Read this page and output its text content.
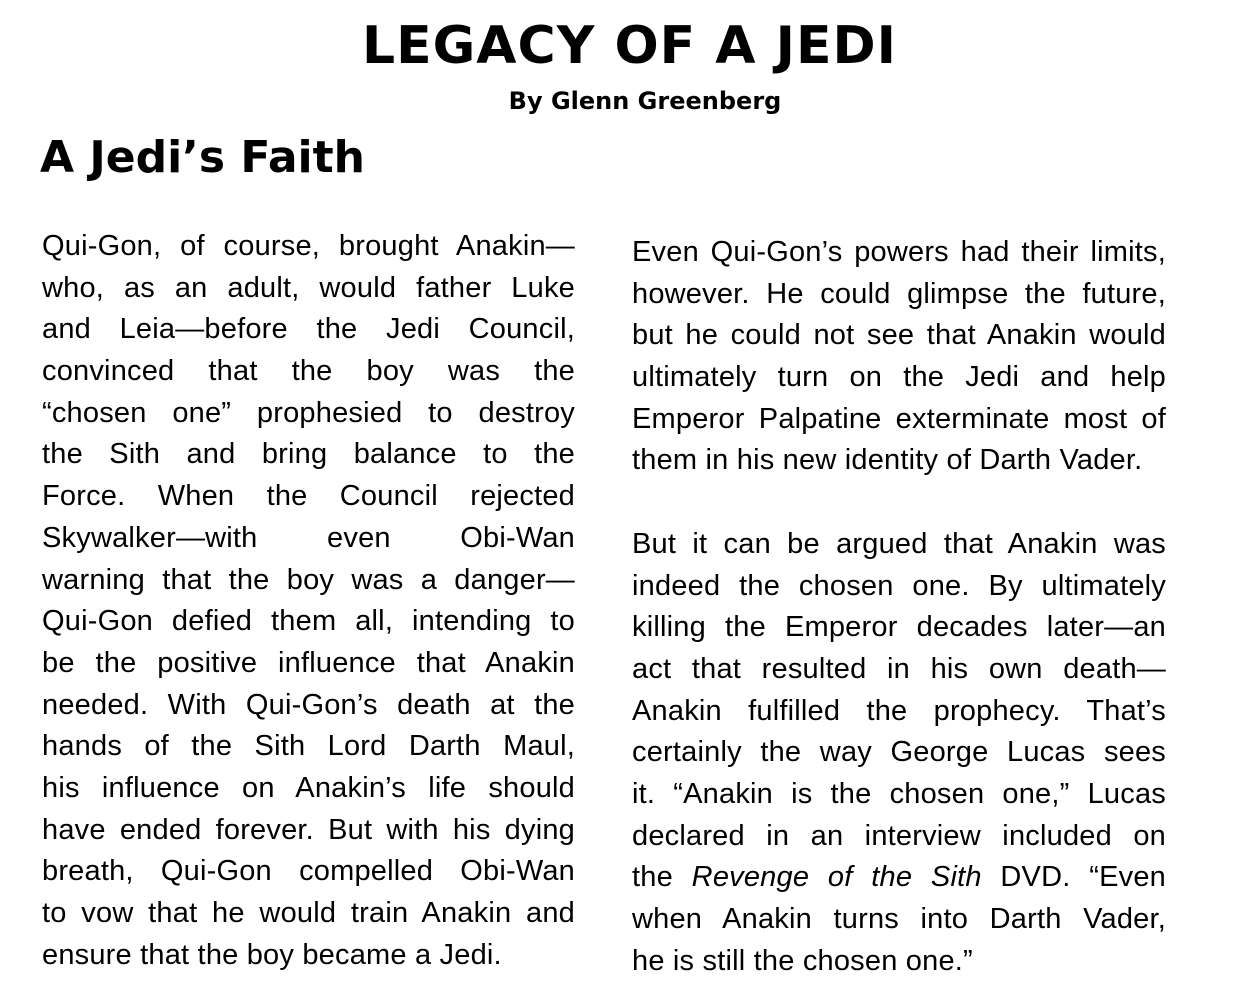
LEGACY OF A JEDI
By Glenn Greenberg
A Jedi’s Faith
Qui-Gon, of course, brought Anakin—
who, as an adult, would father Luke
and Leia—before the Jedi Council,
convinced that the boy was the
“chosen one” prophesied to destroy
the Sith and bring balance to the
Force. When the Council rejected
Skywalker—with even Obi-Wan
warning that the boy was a danger—
Qui-Gon defied them all, intending to
be the positive influence that Anakin
needed. With Qui-Gon’s death at the
hands of the Sith Lord Darth Maul,
his influence on Anakin’s life should
have ended forever. But with his dying
breath, Qui-Gon compelled Obi-Wan
to vow that he would train Anakin and
ensure that the boy became a Jedi.
Even Qui-Gon’s powers had their limits,
however. He could glimpse the future,
but he could not see that Anakin would
ultimately turn on the Jedi and help
Emperor Palpatine exterminate most of
them in his new identity of Darth Vader.
But it can be argued that Anakin was
indeed the chosen one. By ultimately
killing the Emperor decades later—an
act that resulted in his own death—
Anakin fulfilled the prophecy. That’s
certainly the way George Lucas sees
it. “Anakin is the chosen one,” Lucas
declared in an interview included on
the Revenge of the Sith DVD. “Even
when Anakin turns into Darth Vader,
he is still the chosen one.”
